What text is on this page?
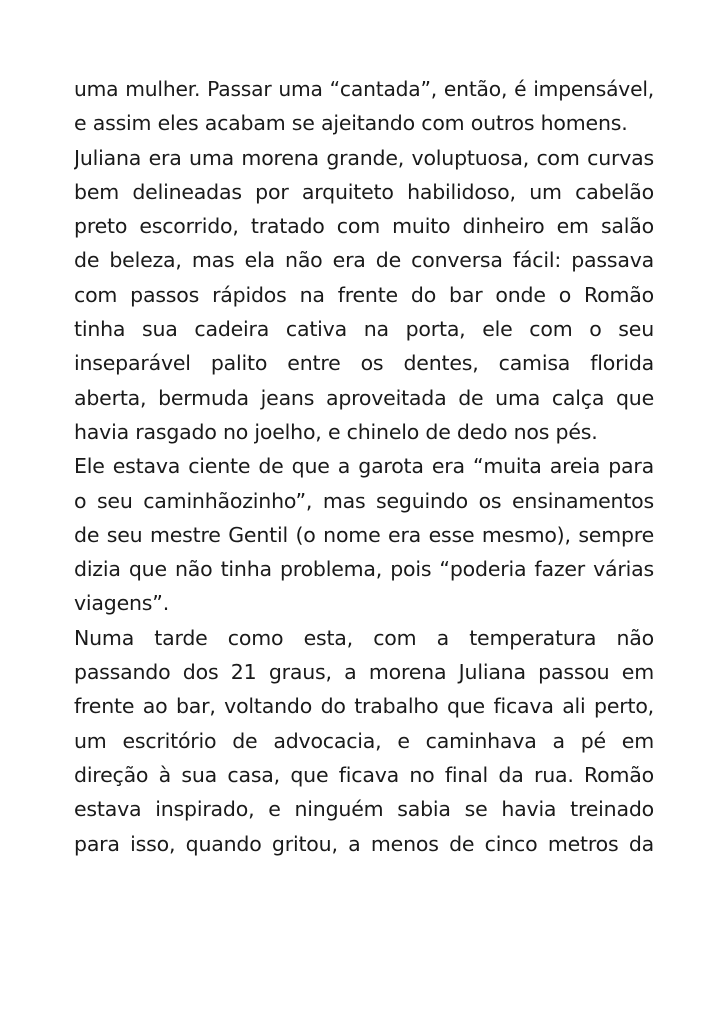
uma mulher. Passar uma “cantada”, então, é impensável,
e assim eles acabam se ajeitando com outros homens.
Juliana era uma morena grande, voluptuosa, com curvas
bem delineadas por arquiteto habilidoso, um cabelão
preto escorrido, tratado com muito dinheiro em salão
de beleza, mas ela não era de conversa fácil: passava
com passos rápidos na frente do bar onde o Romão
tinha sua cadeira cativa na porta, ele com o seu
inseparável palito entre os dentes, camisa florida
aberta, bermuda jeans aproveitada de uma calça que
havia rasgado no joelho, e chinelo de dedo nos pés.
Ele estava ciente de que a garota era “muita areia para
o seu caminhãozinho”, mas seguindo os ensinamentos
de seu mestre Gentil (o nome era esse mesmo), sempre
dizia que não tinha problema, pois “poderia fazer várias
viagens”.
Numa tarde como esta, com a temperatura não
passando dos 21 graus, a morena Juliana passou em
frente ao bar, voltando do trabalho que ficava ali perto,
um escritório de advocacia, e caminhava a pé em
direção à sua casa, que ficava no final da rua. Romão
estava inspirado, e ninguém sabia se havia treinado
para isso, quando gritou, a menos de cinco metros da
